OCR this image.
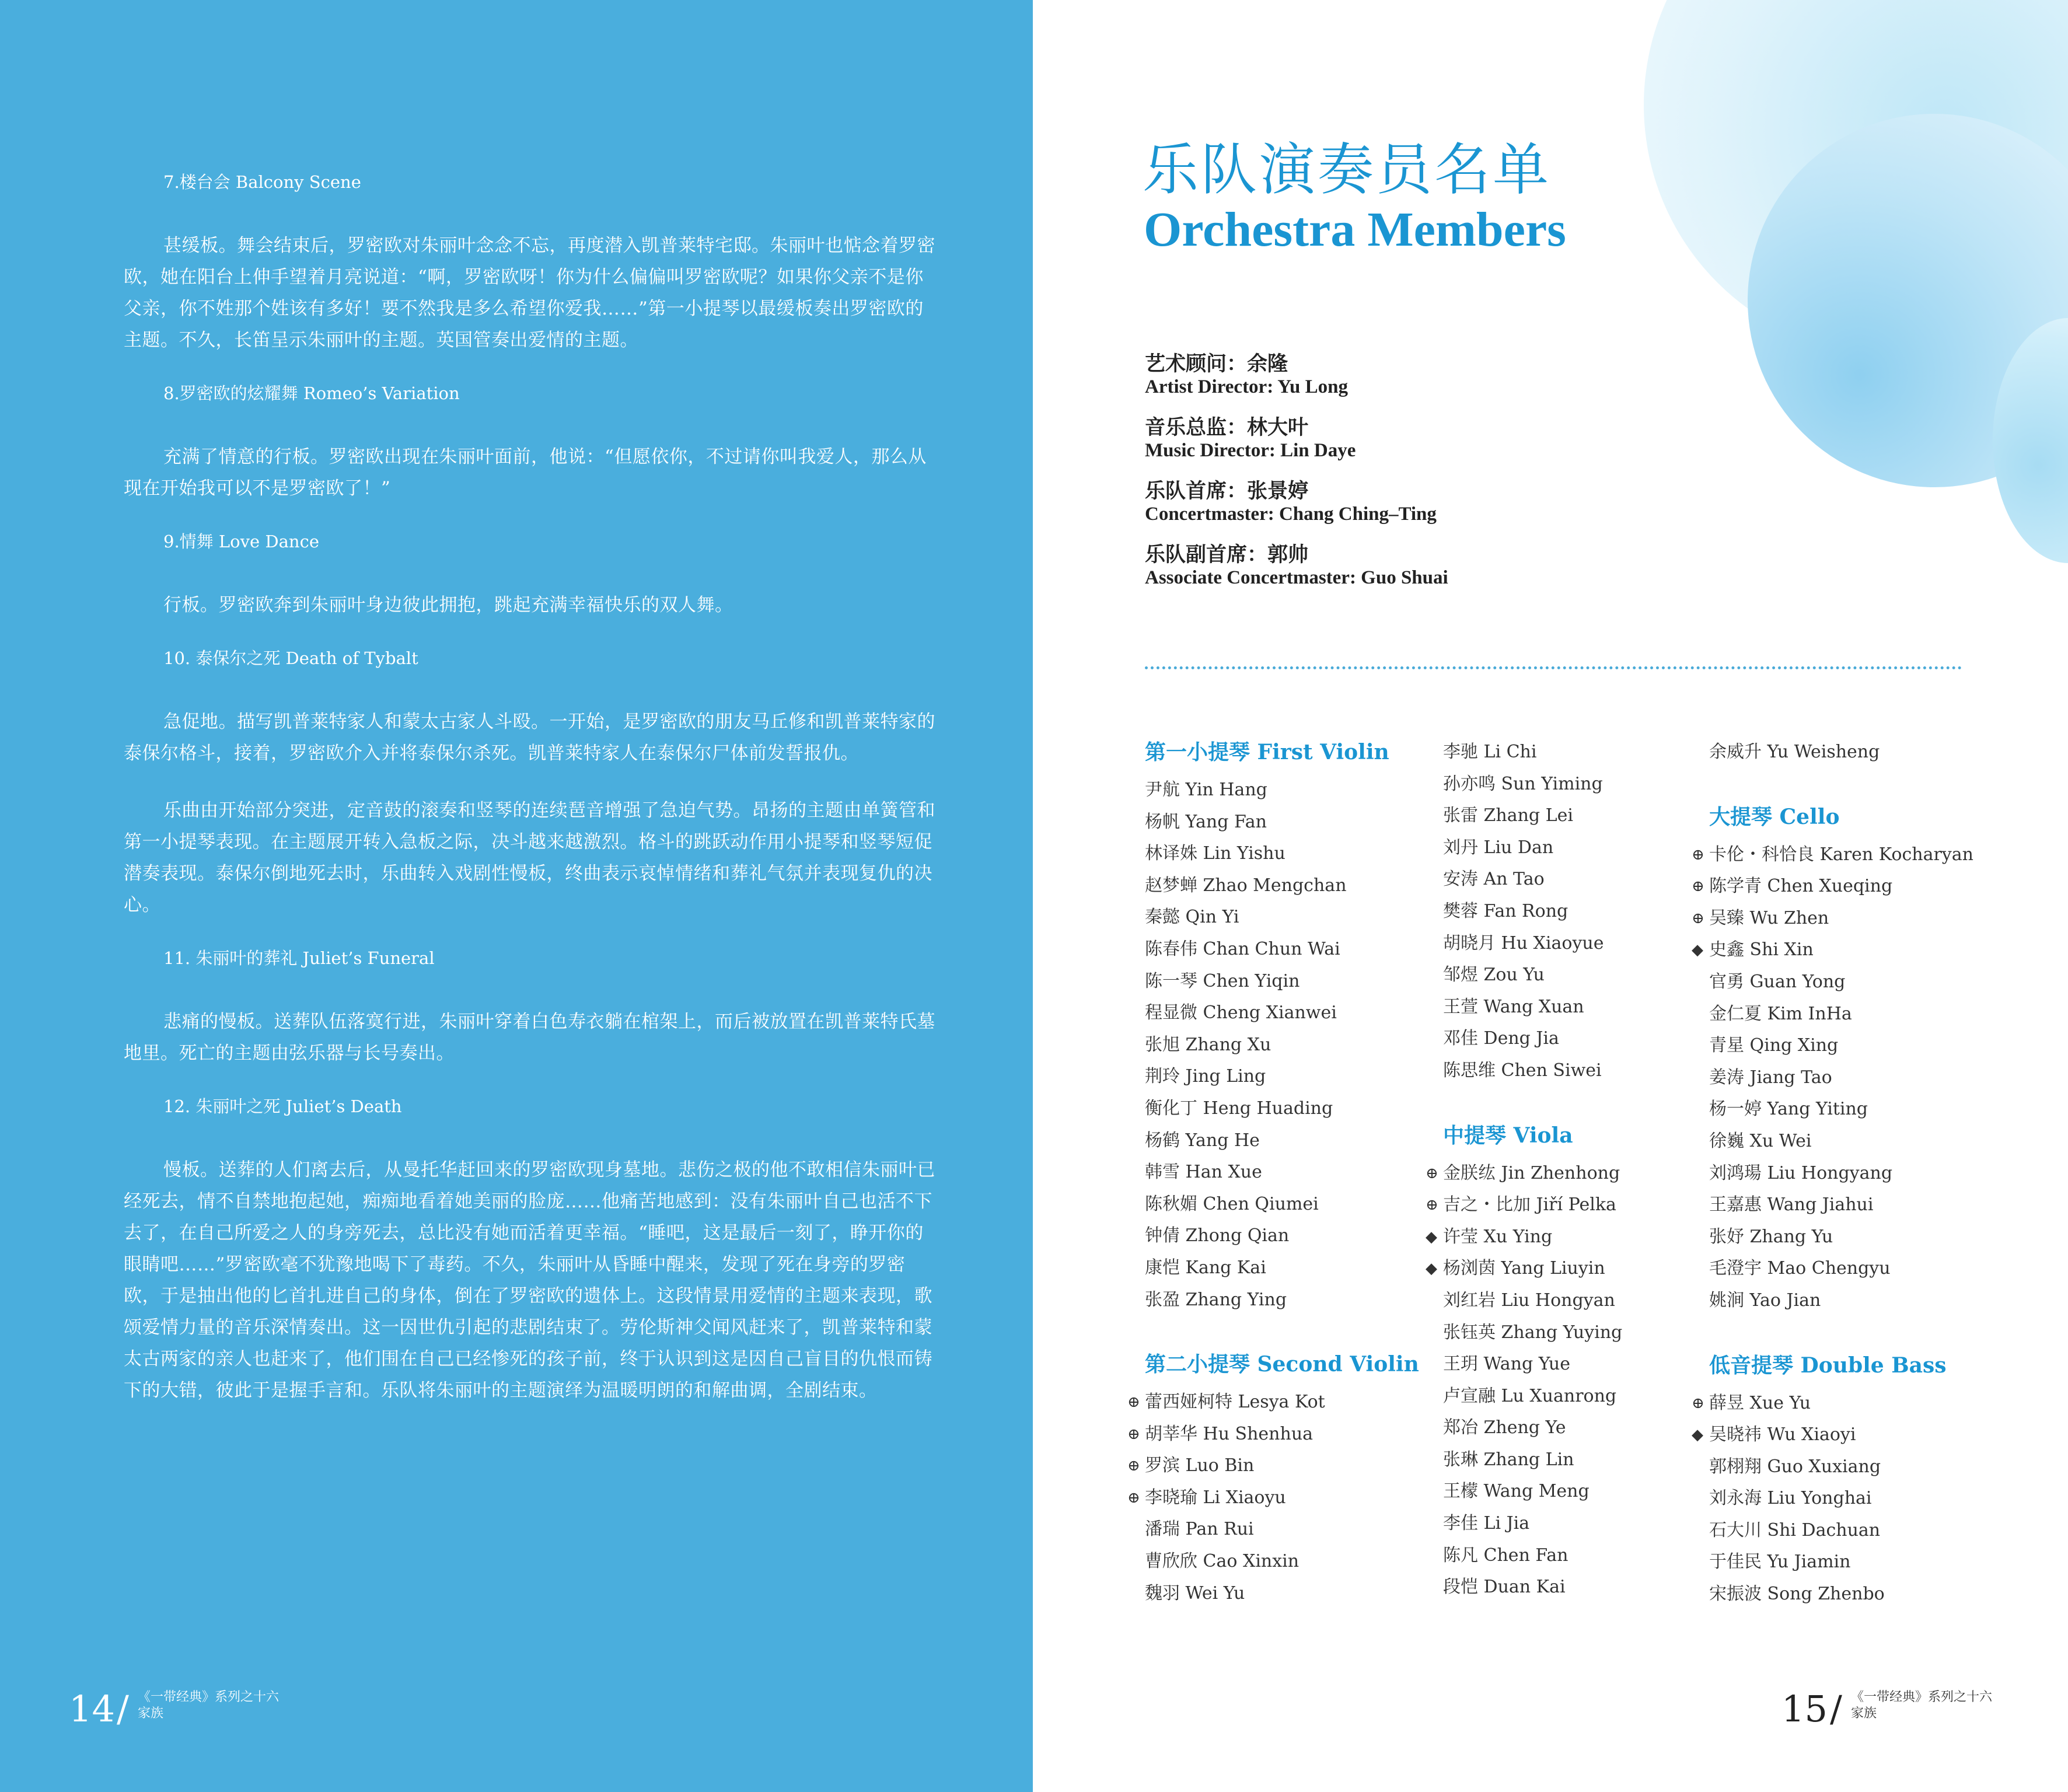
7.楼台会 Balcony Scene
甚缓板。舞会结束后，罗密欧对朱丽叶念念不忘，再度潜入凯普莱特宅邸。朱丽叶也惦念着罗密欧，她在阳台上伸手望着月亮说道：“啊，罗密欧呀！你为什么偏偏叫罗密欧呢？如果你父亲不是你父亲，你不姓那个姓该有多好！要不然我是多么希望你爱我……”第一小提琴以最缓板奏出罗密欧的主题。不久，长笛呈示朱丽叶的主题。英国管奏出爱情的主题。
8.罗密欧的炫耀舞 Romeo’s Variation
充满了情意的行板。罗密欧出现在朱丽叶面前，他说：“但愿依你，不过请你叫我爱人，那么从现在开始我可以不是罗密欧了！”
9.情舞 Love Dance
行板。罗密欧奔到朱丽叶身边彼此拥抱，跳起充满幸福快乐的双人舞。
10. 泰保尔之死 Death of Tybalt
急促地。描写凯普莱特家人和蒙太古家人斗殴。一开始，是罗密欧的朋友马丘修和凯普莱特家的泰保尔格斗，接着，罗密欧介入并将泰保尔杀死。凯普莱特家人在泰保尔尸体前发誓报仇。
乐曲由开始部分突进，定音鼓的滚奏和竖琴的连续琶音增强了急迫气势。昂扬的主题由单簧管和第一小提琴表现。在主题展开转入急板之际，决斗越来越激烈。格斗的跳跃动作用小提琴和竖琴短促潜奏表现。泰保尔倒地死去时，乐曲转入戏剧性慢板，终曲表示哀悼情绪和葬礼气氛并表现复仇的决心。
11. 朱丽叶的葬礼 Juliet’s Funeral
悲痛的慢板。送葬队伍落寞行进，朱丽叶穿着白色寿衣躺在棺架上，而后被放置在凯普莱特氏墓地里。死亡的主题由弦乐器与长号奏出。
12. 朱丽叶之死 Juliet’s Death
慢板。送葬的人们离去后，从曼托华赶回来的罗密欧现身墓地。悲伤之极的他不敢相信朱丽叶已经死去，情不自禁地抱起她，痴痴地看着她美丽的脸庞……他痛苦地感到：没有朱丽叶自己也活不下去了，在自己所爱之人的身旁死去，总比没有她而活着更幸福。“睡吧，这是最后一刻了，睁开你的眼睛吧……”罗密欧毫不犹豫地喝下了毒药。不久，朱丽叶从昏睡中醒来，发现了死在身旁的罗密欧，于是抽出他的匕首扎进自己的身体，倒在了罗密欧的遗体上。这段情景用爱情的主题来表现，歌颂爱情力量的音乐深情奏出。这一因世仇引起的悲剧结束了。劳伦斯神父闻风赶来了，凯普莱特和蒙太古两家的亲人也赶来了，他们围在自己已经惨死的孩子前，终于认识到这是因自己盲目的仇恨而铸下的大错，彼此于是握手言和。乐队将朱丽叶的主题演绎为温暖明朗的和解曲调，全剧结束。
14 / 《一带经典》系列之十六
家族
乐队演奏员名单
Orchestra Members
艺术顾问：余隆
Artist Director: Yu Long
音乐总监：林大叶
Music Director: Lin Daye
乐队首席：张景婷
Concertmaster: Chang Ching–Ting
乐队副首席：郭帅
Associate Concertmaster: Guo Shuai
第一小提琴 First Violin
尹航 Yin Hang
杨帆 Yang Fan
林译姝 Lin Yishu
赵梦蝉 Zhao Mengchan
秦懿 Qin Yi
陈春伟 Chan Chun Wai
陈一琴 Chen Yiqin
程显微 Cheng Xianwei
张旭 Zhang Xu
荆玲 Jing Ling
衡化丁 Heng Huading
杨鹤 Yang He
韩雪 Han Xue
陈秋媚 Chen Qiumei
钟倩 Zhong Qian
康恺 Kang Kai
张盈 Zhang Ying
第二小提琴 Second Violin
⊕ 蕾西娅柯特 Lesya Kot
⊕ 胡莘华 Hu Shenhua
⊕ 罗滨 Luo Bin
⊕ 李晓瑜 Li Xiaoyu
潘瑞 Pan Rui
曹欣欣 Cao Xinxin
魏羽 Wei Yu
李驰 Li Chi
孙亦鸣 Sun Yiming
张雷 Zhang Lei
刘丹 Liu Dan
安涛 An Tao
樊蓉 Fan Rong
胡晓月 Hu Xiaoyue
邹煜 Zou Yu
王萱 Wang Xuan
邓佳 Deng Jia
陈思维 Chen Siwei
中提琴 Viola
⊕ 金朕纮 Jin Zhenhong
⊕ 吉之・比加 Jiří Pelka
◆ 许莹 Xu Ying
◆ 杨浏茵 Yang Liuyin
刘红岩 Liu Hongyan
张钰英 Zhang Yuying
王玥 Wang Yue
卢宣融 Lu Xuanrong
郑冶 Zheng Ye
张琳 Zhang Lin
王檬 Wang Meng
李佳 Li Jia
陈凡 Chen Fan
段恺 Duan Kai
余威升 Yu Weisheng
大提琴 Cello
⊕ 卡伦・科恰良 Karen Kocharyan
⊕ 陈学青 Chen Xueqing
⊕ 吴臻 Wu Zhen
◆ 史鑫 Shi Xin
官勇 Guan Yong
金仁夏 Kim InHa
青星 Qing Xing
姜涛 Jiang Tao
杨一婷 Yang Yiting
徐巍 Xu Wei
刘鸿瑒 Liu Hongyang
王嘉惠 Wang Jiahui
张妤 Zhang Yu
毛澄宇 Mao Chengyu
姚涧 Yao Jian
低音提琴 Double Bass
⊕ 薛昱 Xue Yu
◆ 吴晓祎 Wu Xiaoyi
郭栩翔 Guo Xuxiang
刘永海 Liu Yonghai
石大川 Shi Dachuan
于佳民 Yu Jiamin
宋振波 Song Zhenbo
15 / 《一带经典》系列之十六
家族
